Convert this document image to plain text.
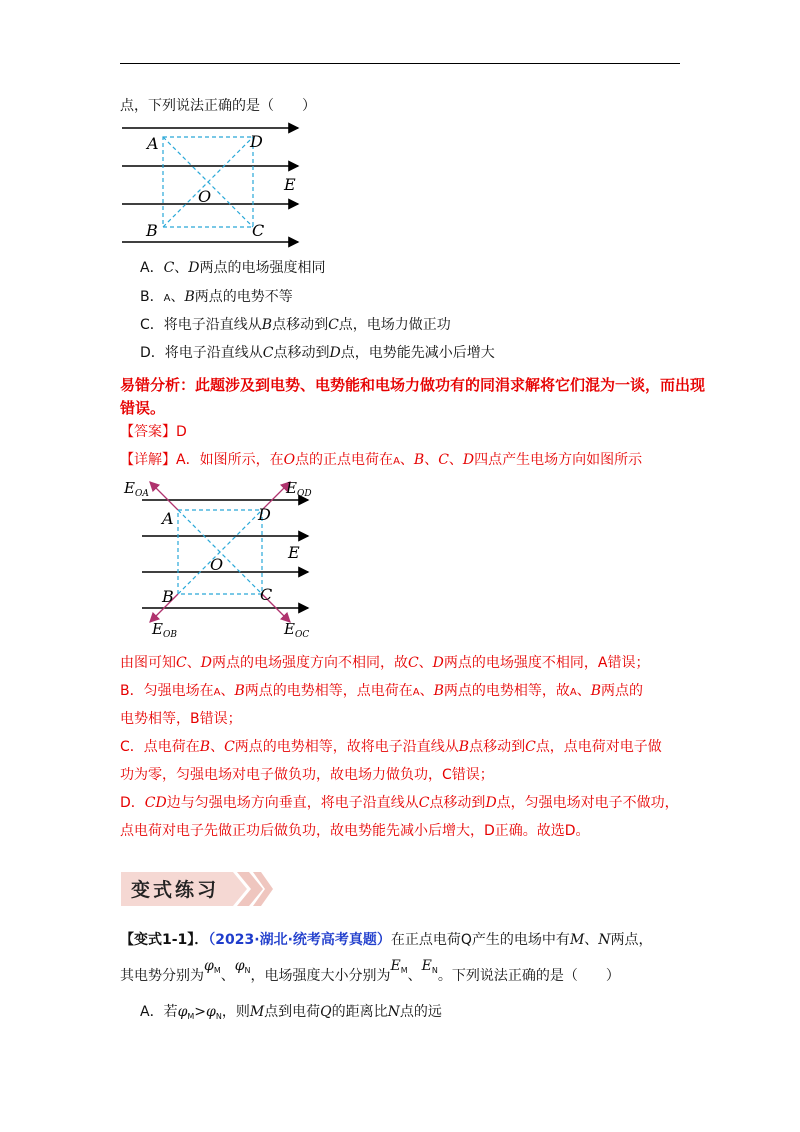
点，下列说法正确的是（　　）
A	D
O
E
B	C
A．C、D两点的电场强度相同
B．A、B两点的电势不等
C．将电子沿直线从B点移动到C点，电场力做正功
D．将电子沿直线从C点移动到D点，电势能先减小后增大
易错分析：此题涉及到电势、电势能和电场力做功有的同涓求解将它们混为一谈，而出现
错误。
【答案】D
【详解】A．如图所示，在O点的正点电荷在A、B、C、D四点产生电场方向如图所示
$E_{OA}$	$E_{OD}$
$E_{OB}$	$E_{OC}$
A	D
O
E
B	C
由图可知C、D两点的电场强度方向不相同，故C、D两点的电场强度不相同，A错误；
B．匀强电场在A、B两点的电势相等，点电荷在A、B两点的电势相等，故A、B两点的
电势相等，B错误；
C．点电荷在B、C两点的电势相等，故将电子沿直线从B点移动到C点，点电荷对电子做
功为零，匀强电场对电子做负功，故电场力做负功，C错误；
D．CD边与匀强电场方向垂直，将电子沿直线从C点移动到D点，匀强电场对电子不做功，
点电荷对电子先做正功后做负功，故电势能先减小后增大，D正确。故选D。
变式练习
【变式1-1】．（2023·湖北·统考高考真题）在正点电荷Q产生的电场中有M、N两点，
其电势分别为$\varphi_M$、$\varphi_N$，电场强度大小分别为$E_M$、$E_N$。下列说法正确的是（　　）
A．若$\varphi_M>\varphi_N$，则M点到电荷Q的距离比N点的远
